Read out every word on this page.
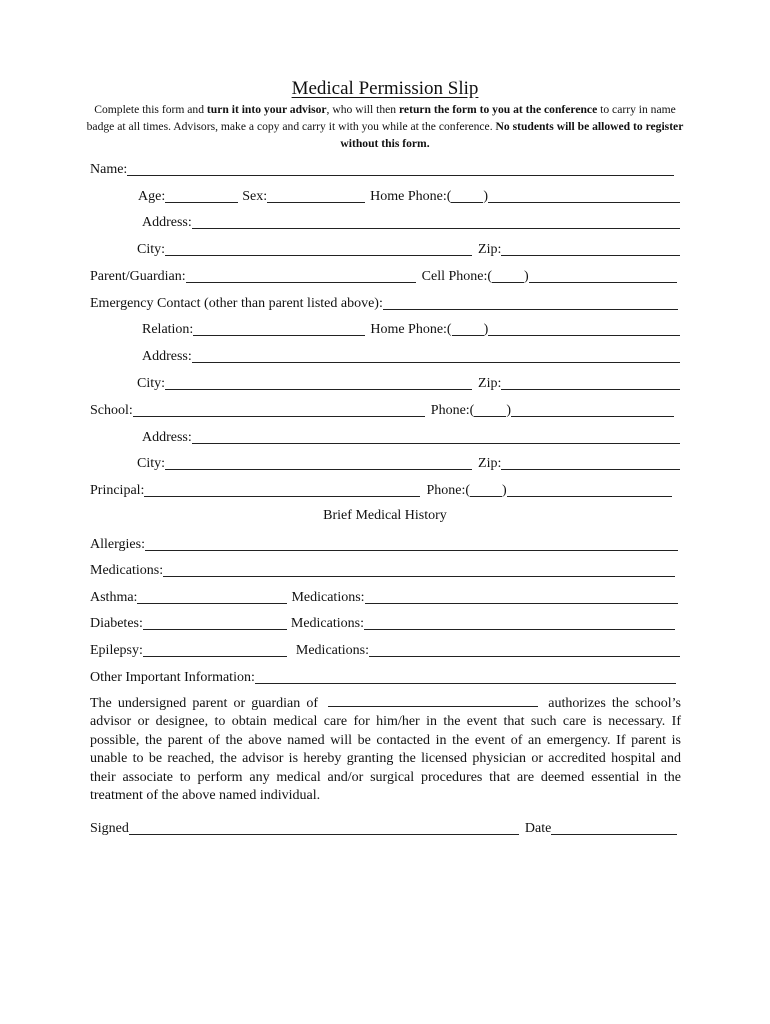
Medical Permission Slip
Complete this form and turn it into your advisor, who will then return the form to you at the conference to carry in name badge at all times. Advisors, make a copy and carry it with you while at the conference. No students will be allowed to register without this form.
Name:
Age:	Sex:	Home Phone:( )
Address:
City:	Zip:
Parent/Guardian:	Cell Phone:( )
Emergency Contact (other than parent listed above):
Relation:	Home Phone:( )
Address:
City:	Zip:
School:	Phone:( )
Address:
City:	Zip:
Principal:	Phone:( )
Brief Medical History
Allergies:
Medications:
Asthma:	Medications:
Diabetes:	Medications:
Epilepsy:	Medications:
Other Important Information:
The undersigned parent or guardian of	authorizes the school’s advisor or designee, to obtain medical care for him/her in the event that such care is necessary. If possible, the parent of the above named will be contacted in the event of an emergency. If parent is unable to be reached, the advisor is hereby granting the licensed physician or accredited hospital and their associate to perform any medical and/or surgical procedures that are deemed essential in the treatment of the above named individual.
Signed	Date
